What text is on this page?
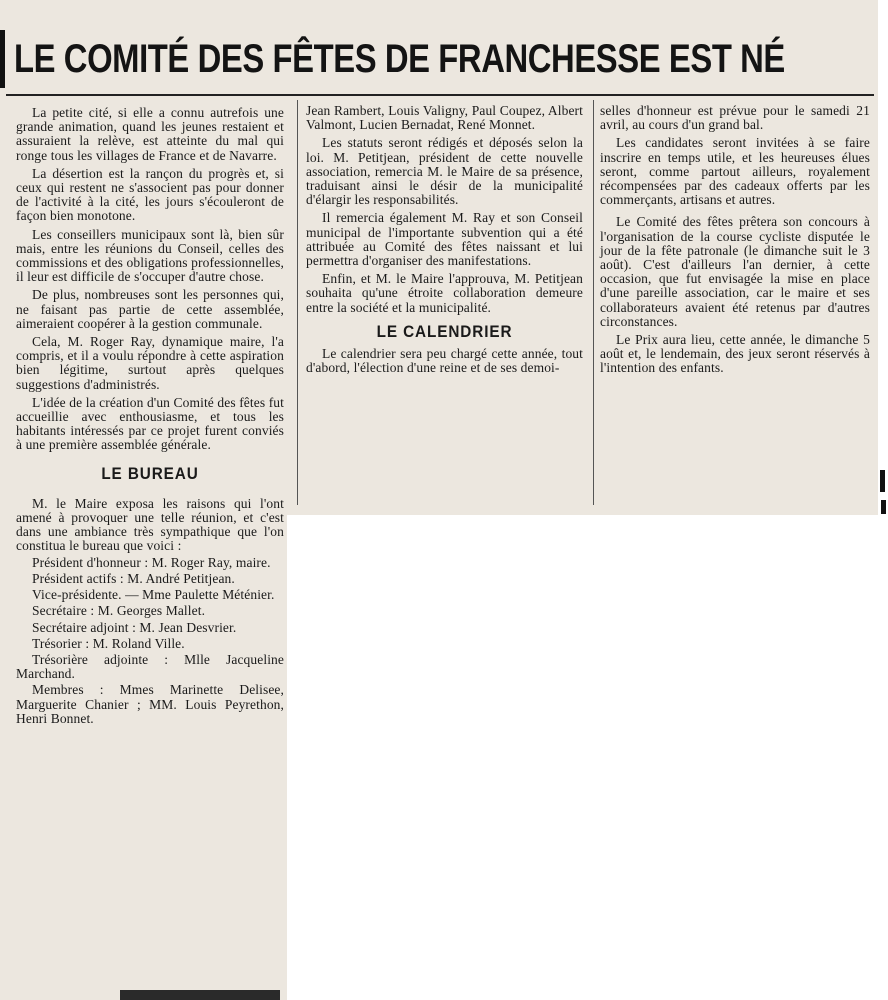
LE COMITÉ DES FÊTES DE FRANCHESSE EST NÉ

La petite cité, si elle a connu autrefois une grande animation, quand les jeunes restaient et assuraient la relève, est atteinte du mal qui ronge tous les villages de France et de Navarre.

La désertion est la rançon du progrès et, si ceux qui restent ne s'associent pas pour donner de l'activité à la cité, les jours s'écouleront de façon bien monotone.

Les conseillers municipaux sont là, bien sûr mais, entre les réunions du Conseil, celles des commissions et des obligations professionnelles, il leur est difficile de s'occuper d'autre chose.

De plus, nombreuses sont les personnes qui, ne faisant pas partie de cette assemblée, aimeraient coopérer à la gestion communale.

Cela, M. Roger Ray, dynamique maire, l'a compris, et il a voulu répondre à cette aspiration bien légitime, surtout après quelques suggestions d'administrés.

L'idée de la création d'un Comité des fêtes fut accueillie avec enthousiasme, et tous les habitants intéressés par ce projet furent conviés à une première assemblée générale.

LE BUREAU

M. le Maire exposa les raisons qui l'ont amené à provoquer une telle réunion, et c'est dans une ambiance très sympathique que l'on constitua le bureau que voici :

Président d'honneur : M. Roger Ray, maire.

Président actifs : M. André Petitjean.

Vice-présidente. — Mme Paulette Méténier.

Secrétaire : M. Georges Mallet.

Secrétaire adjoint : M. Jean Desvrier.

Trésorier : M. Roland Ville.

Trésorière adjointe : Mlle Jacqueline Marchand.

Membres : Mmes Marinette Delisee, Marguerite Chanier ; MM. Louis Peyrethon, Henri Bonnet.

Jean Rambert, Louis Valigny, Paul Coupez, Albert Valmont, Lucien Bernadat, René Monnet.

Les statuts seront rédigés et déposés selon la loi. M. Petitjean, président de cette nouvelle association, remercia M. le Maire de sa présence, traduisant ainsi le désir de la municipalité d'élargir les responsabilités.

Il remercia également M. Ray et son Conseil municipal de l'importante subvention qui a été attribuée au Comité des fêtes naissant et lui permettra d'organiser des manifestations.

Enfin, et M. le Maire l'approuva, M. Petitjean souhaita qu'une étroite collaboration demeure entre la société et la municipalité.

LE CALENDRIER

Le calendrier sera peu chargé cette année, tout d'abord, l'élection d'une reine et de ses demoi-

selles d'honneur est prévue pour le samedi 21 avril, au cours d'un grand bal.

Les candidates seront invitées à se faire inscrire en temps utile, et les heureuses élues seront, comme partout ailleurs, royalement récompensées par des cadeaux offerts par les commerçants, artisans et autres.

Le Comité des fêtes prêtera son concours à l'organisation de la course cycliste disputée le jour de la fête patronale (le dimanche suit le 3 août). C'est d'ailleurs l'an dernier, à cette occasion, que fut envisagée la mise en place d'une pareille association, car le maire et ses collaborateurs avaient été retenus par d'autres circonstances.

Le Prix aura lieu, cette année, le dimanche 5 août et, le lendemain, des jeux seront réservés à l'intention des enfants.
